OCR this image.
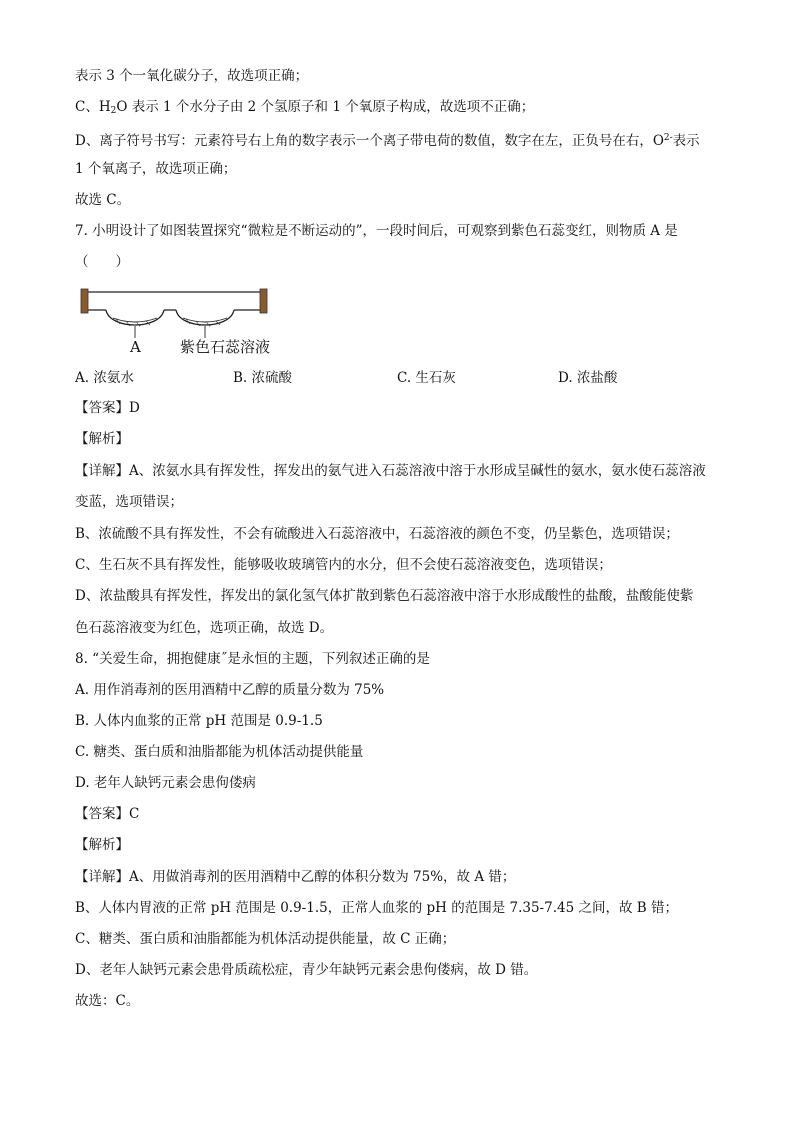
表示 3 个一氧化碳分子，故选项正确；
C、$H_2O$ 表示 1 个水分子由 2 个氢原子和 1 个氧原子构成，故选项不正确；
D、离子符号书写：元素符号右上角的数字表示一个离子带电荷的数值，数字在左，正负号在右，$O^{2-}$表示
1 个氧离子，故选项正确；
故选 C。
7. 小明设计了如图装置探究“微粒是不断运动的”，一段时间后，可观察到紫色石蕊变红，则物质 A 是
（　　）
A	紫色石蕊溶液
A. 浓氨水	B. 浓硫酸	C. 生石灰	D. 浓盐酸
【答案】D
【解析】
【详解】A、浓氨水具有挥发性，挥发出的氨气进入石蕊溶液中溶于水形成呈碱性的氨水，氨水使石蕊溶液
变蓝，选项错误；
B、浓硫酸不具有挥发性，不会有硫酸进入石蕊溶液中，石蕊溶液的颜色不变，仍呈紫色，选项错误；
C、生石灰不具有挥发性，能够吸收玻璃管内的水分，但不会使石蕊溶液变色，选项错误；
D、浓盐酸具有挥发性，挥发出的氯化氢气体扩散到紫色石蕊溶液中溶于水形成酸性的盐酸，盐酸能使紫
色石蕊溶液变为红色，选项正确，故选 D。
8. “关爱生命，拥抱健康˝是永恒的主题，下列叙述正确的是
A. 用作消毒剂的医用酒精中乙醇的质量分数为 75%
B. 人体内血浆的正常 pH 范围是 0.9-1.5
C. 糖类、蛋白质和油脂都能为机体活动提供能量
D. 老年人缺钙元素会患佝偻病
【答案】C
【解析】
【详解】A、用做消毒剂的医用酒精中乙醇的体积分数为 75%，故 A 错；
B、人体内胃液的正常 pH 范围是 0.9-1.5，正常人血浆的 pH 的范围是 7.35-7.45 之间，故 B 错；
C、糖类、蛋白质和油脂都能为机体活动提供能量，故 C 正确；
D、老年人缺钙元素会患骨质疏松症，青少年缺钙元素会患佝偻病，故 D 错。
故选：C。
